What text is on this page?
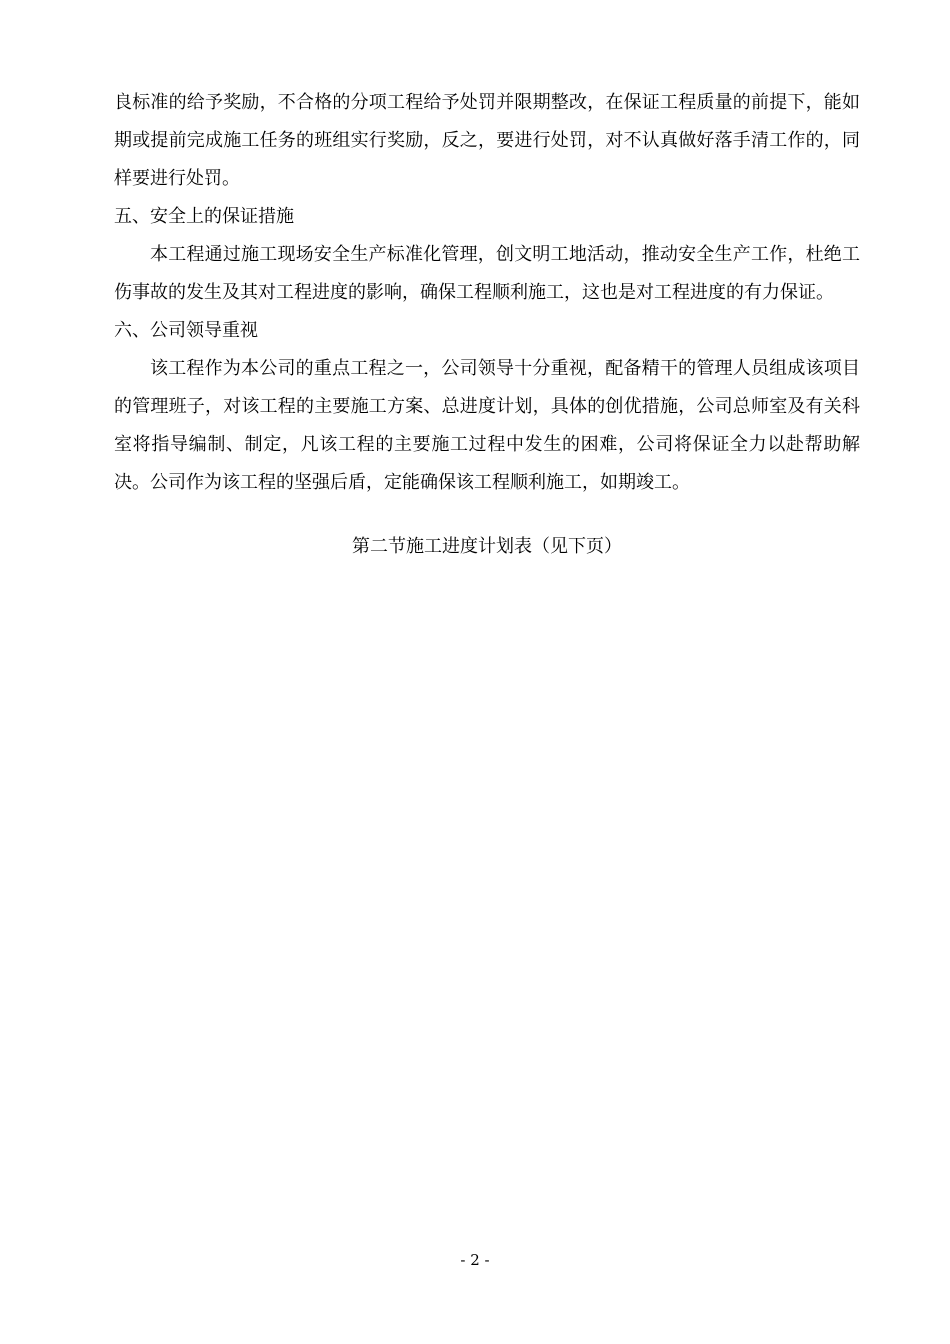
良标准的给予奖励，不合格的分项工程给予处罚并限期整改，在保证工程质量的前提下，能如期或提前完成施工任务的班组实行奖励，反之，要进行处罚，对不认真做好落手清工作的，同样要进行处罚。

五、安全上的保证措施

本工程通过施工现场安全生产标准化管理，创文明工地活动，推动安全生产工作，杜绝工伤事故的发生及其对工程进度的影响，确保工程顺利施工，这也是对工程进度的有力保证。

六、公司领导重视

该工程作为本公司的重点工程之一，公司领导十分重视，配备精干的管理人员组成该项目的管理班子，对该工程的主要施工方案、总进度计划，具体的创优措施，公司总师室及有关科室将指导编制、制定，凡该工程的主要施工过程中发生的困难，公司将保证全力以赴帮助解决。公司作为该工程的坚强后盾，定能确保该工程顺利施工，如期竣工。

第二节施工进度计划表（见下页）

- 2 -
